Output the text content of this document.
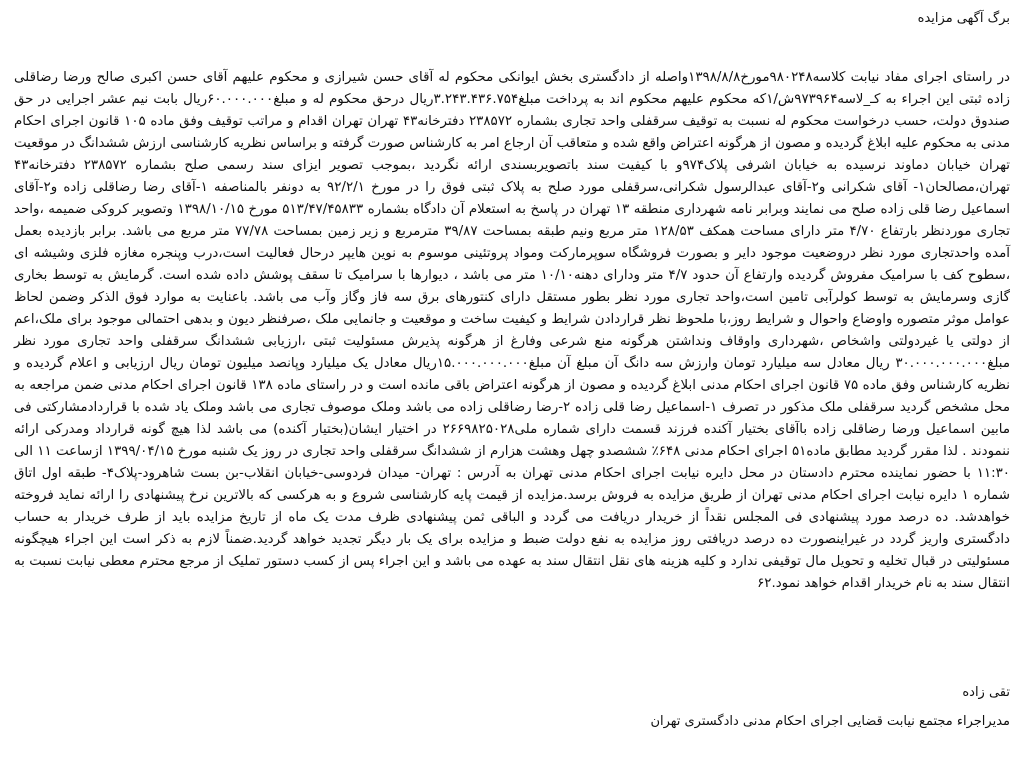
برگ آگهی مزایده
در راستای اجرای مفاد نیابت کلاسه۹۸۰۲۴۸مورخ۱۳۹۸/۸/۸واصله از دادگستری بخش ایوانکی محکوم له آقای حسن شیرازی و محکوم علیهم آقای حسن اکبری صالح ورضا رضاقلی زاده ثبتی این اجراء به کـ_لاسه۹۷۳۹۶۴ش/۱که محکوم علیهم محکوم اند به پرداخت مبلغ۳.۲۴۳.۴۳۶.۷۵۴ریال درحق محکوم له و مبلغ۶۰.۰۰۰.۰۰۰ریال بابت نیم عشر اجرایی در حق صندوق دولت، حسب درخواست محکوم له نسبت به توقیف سرقفلی واحد تجاری بشماره ۲۳۸۵۷۲ دفترخانه۴۳ تهران تهران اقدام و مراتب توقیف وفق ماده ۱۰۵ قانون اجرای احکام مدنی به محکوم علیه ابلاغ گردیده و مصون از هرگونه اعتراض واقع شده و متعاقب آن ارجاع امر به کارشناس صورت گرفته و براساس نظریه کارشناسی ارزش ششدانگ در موقعیت تهران خیابان دماوند نرسیده به خیابان اشرفی پلاک۹۷۴و با کیفیت سند باتصویربسندی ارائه نگردید ،بموجب تصویر ایزای سند رسمی صلح بشماره ۲۳۸۵۷۲ دفترخانه۴۳ تهران،مصالحان۱- آقای شکرانی و۲-آقای عبدالرسول شکرانی،سرقفلی مورد صلح به پلاک ثبتی فوق را در مورخ ۹۲/۲/۱ به دونفر بالمناصفه ۱-آقای رضا رضاقلی زاده و۲-آقای اسماعیل رضا قلی زاده صلح می نمایند وبرابر نامه شهرداری منطقه ۱۳ تهران در پاسخ به استعلام آن دادگاه بشماره ۵۱۳/۴۷/۴۵۸۳۳ مورخ ۱۳۹۸/۱۰/۱۵ وتصویر کروکی ضمیمه ،واحد تجاری موردنظر بارتفاع ۴/۷۰ متر دارای مساحت همکف ۱۲۸/۵۳ متر مربع ونیم طبقه بمساحت ۳۹/۸۷ مترمربع و زیر زمین بمساحت ۷۷/۷۸ متر مربع می باشد. برابر بازدیده بعمل آمده واحدتجاری مورد نظر دروضعیت موجود دایر و بصورت فروشگاه سوپرمارکت ومواد پروتئینی موسوم به نوین هایپر درحال فعالیت است،درب وپنجره مغازه فلزی وشیشه ای ،سطوح کف با سرامیک مفروش گردیده وارتفاع آن حدود ۴/۷ متر ودارای دهنه۱۰/۱۰ متر می باشد ، دیوارها با سرامیک تا سقف پوشش داده شده است. گرمایش به توسط بخاری گازی وسرمایش به توسط کولرآبی تامین است،واحد تجاری مورد نظر بطور مستقل دارای کنتورهای برق سه فاز وگاز وآب می باشد. باعنایت به موارد فوق الذکر وضمن لحاظ عوامل موثر متصوره واوضاع واحوال و شرایط روز،با ملحوظ نظر قراردادن شرایط و کیفیت ساخت و موقعیت و جانمایی ملک ،صرفنظر دیون و بدهی احتمالی موجود برای ملک،اعم از دولتی یا غیردولتی واشخاص ،شهرداری واوقاف ونداشتن هرگونه منع شرعی وفارغ از هرگونه پذیرش مسئولیت ثبتی ،ارزیابی ششدانگ سرقفلی واحد تجاری مورد نظر مبلغ۳۰.۰۰۰.۰۰۰.۰۰۰ ریال معادل سه میلیارد تومان وارزش سه دانگ آن مبلغ آن مبلغ۱۵.۰۰۰.۰۰۰.۰۰۰ریال معادل یک میلیارد وپانصد میلیون تومان ریال ارزیابی و اعلام گردیده و نظریه کارشناس وفق ماده ۷۵ قانون اجرای احکام مدنی ابلاغ گردیده و مصون از هرگونه اعتراض باقی مانده است و در راستای ماده ۱۳۸ قانون اجرای احکام مدنی ضمن مراجعه به محل مشخص گردید سرقفلی ملک مذکور در تصرف ۱-اسماعیل رضا قلی زاده ۲-رضا رضاقلی زاده می باشد وملک موصوف تجاری می باشد وملک یاد شده با قراردادمشارکتی فی مابین اسماعیل ورضا رضاقلی زاده باآقای بختیار آکنده فرزند قسمت دارای شماره ملی۲۶۶۹۸۲۵۰۲۸ در اختیار ایشان(بختیار آکنده) می باشد لذا هیچ گونه قرارداد ومدرکی ارائه ننمودند . لذا مقرر گردید مطابق ماده۵۱ اجرای احکام مدنی ۶۴۸٪ ششصدو چهل وهشت هزارم از ششدانگ سرقفلی واحد تجاری در روز یک شنبه مورخ ۱۳۹۹/۰۴/۱۵ ازساعت ۱۱ الی ۱۱:۳۰ با حضور نماینده محترم دادستان در محل دایره نیابت اجرای احکام مدنی تهران به آدرس : تهران- میدان فردوسی-خیابان انقلاب-بن بست شاهرود-پلاک۴- طبقه اول اتاق شماره ۱ دایره نیابت اجرای احکام مدنی تهران از طریق مزایده به فروش برسد.مزایده از قیمت پایه کارشناسی شروع و به هرکسی که بالاترین نرخ پیشنهادی را ارائه نماید فروخته خواهدشد. ده درصد مورد پیشنهادی فی المجلس نقداً از خریدار دریافت می گردد و الباقی ثمن پیشنهادی ظرف مدت یک ماه از تاریخ مزایده باید از طرف خریدار به حساب دادگستری واریز گردد در غیراینصورت ده درصد دریافتی روز مزایده به نفع دولت ضبط و مزایده برای یک بار دیگر تجدید خواهد گردید.ضمناً لازم به ذکر است این اجراء هیچگونه مسئولیتی در قبال تخلیه و تحویل مال توقیفی ندارد و کلیه هزینه های نقل انتقال سند به عهده می باشد و این اجراء پس از کسب دستور تملیک از مرجع محترم معطی نیابت نسبت به انتقال سند به نام خریدار اقدام خواهد نمود.۶۲
تقی زاده
مدیراجراء مجتمع نیابت قضایی اجرای احکام مدنی دادگستری تهران
